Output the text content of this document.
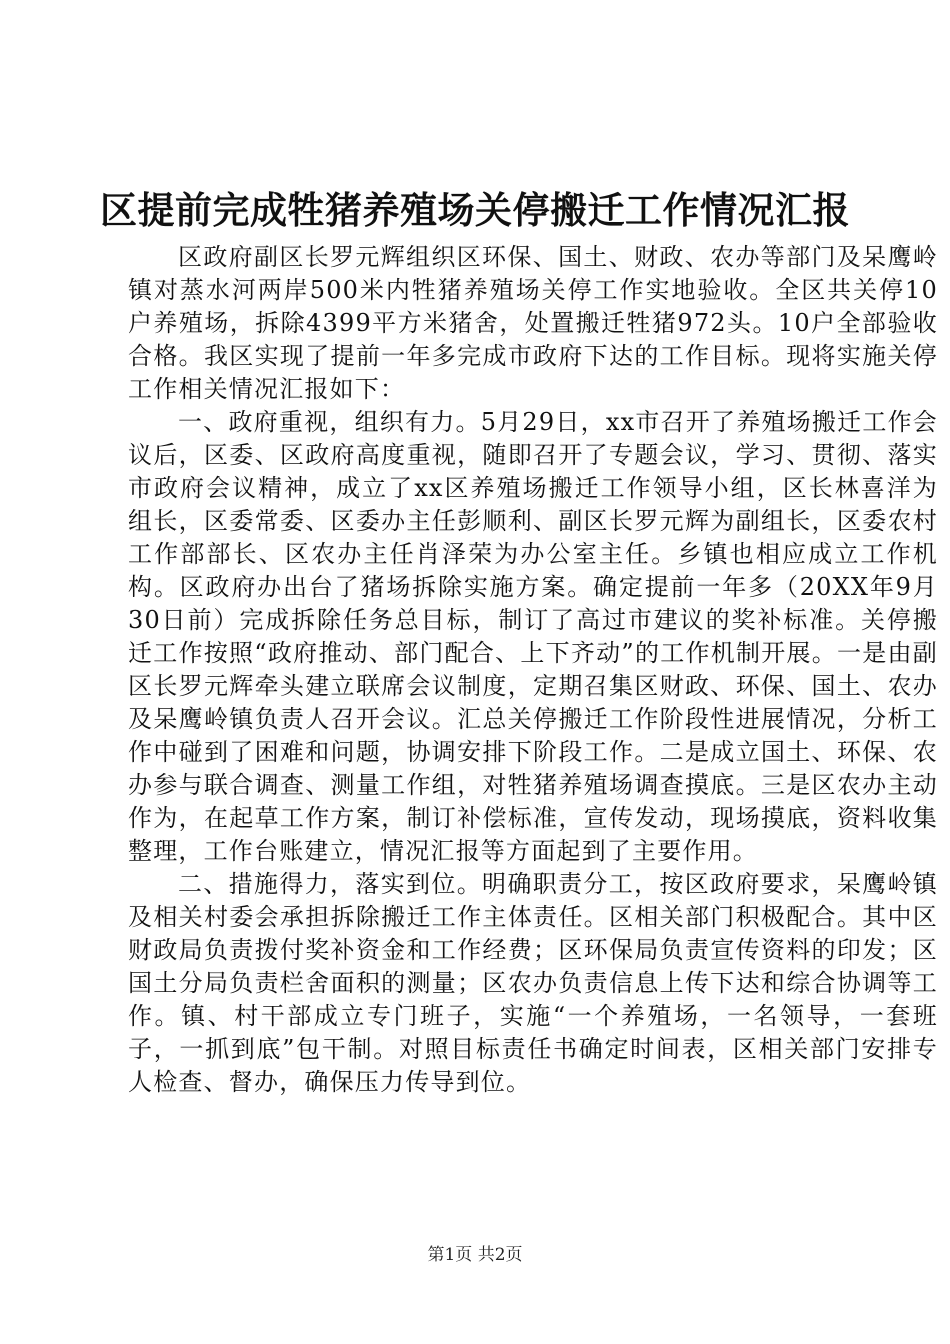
区提前完成牲猪养殖场关停搬迁工作情况汇报

区政府副区长罗元辉组织区环保、国土、财政、农办等部门及呆鹰岭镇对蒸水河两岸500米内牲猪养殖场关停工作实地验收。全区共关停10户养殖场，拆除4399平方米猪舍，处置搬迁牲猪972头。10户全部验收合格。我区实现了提前一年多完成市政府下达的工作目标。现将实施关停工作相关情况汇报如下：

一、政府重视，组织有力。5月29日，xx市召开了养殖场搬迁工作会议后，区委、区政府高度重视，随即召开了专题会议，学习、贯彻、落实市政府会议精神，成立了xx区养殖场搬迁工作领导小组，区长林喜洋为组长，区委常委、区委办主任彭顺利、副区长罗元辉为副组长，区委农村工作部部长、区农办主任肖泽荣为办公室主任。乡镇也相应成立工作机构。区政府办出台了猪场拆除实施方案。确定提前一年多（20XX年9月30日前）完成拆除任务总目标，制订了高过市建议的奖补标准。关停搬迁工作按照“政府推动、部门配合、上下齐动”的工作机制开展。一是由副区长罗元辉牵头建立联席会议制度，定期召集区财政、环保、国土、农办及呆鹰岭镇负责人召开会议。汇总关停搬迁工作阶段性进展情况，分析工作中碰到了困难和问题，协调安排下阶段工作。二是成立国土、环保、农办参与联合调查、测量工作组，对牲猪养殖场调查摸底。三是区农办主动作为，在起草工作方案，制订补偿标准，宣传发动，现场摸底，资料收集整理，工作台账建立，情况汇报等方面起到了主要作用。

二、措施得力，落实到位。明确职责分工，按区政府要求，呆鹰岭镇及相关村委会承担拆除搬迁工作主体责任。区相关部门积极配合。其中区财政局负责拨付奖补资金和工作经费；区环保局负责宣传资料的印发；区国土分局负责栏舍面积的测量；区农办负责信息上传下达和综合协调等工作。镇、村干部成立专门班子，实施“一个养殖场，一名领导，一套班子，一抓到底”包干制。对照目标责任书确定时间表，区相关部门安排专人检查、督办，确保压力传导到位。

第1页 共2页
